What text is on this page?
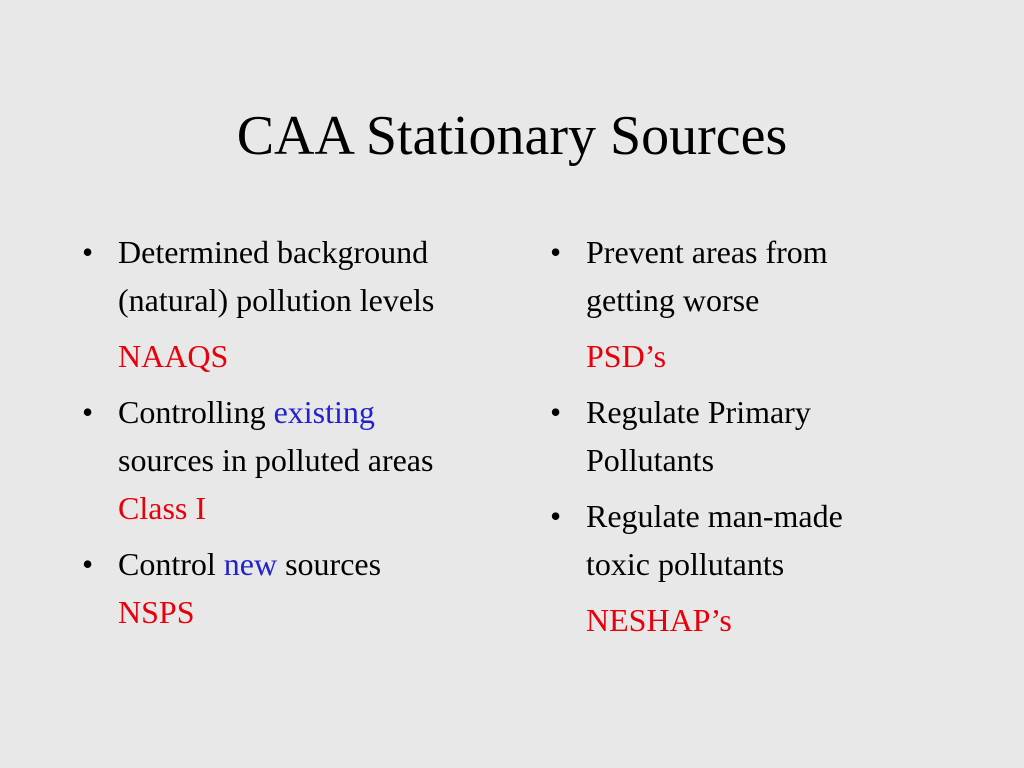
CAA Stationary Sources
• Determined background
(natural) pollution levels
NAAQS
• Controlling existing
sources in polluted areas
Class I
• Control new sources
NSPS
• Prevent areas from
getting worse
PSD’s
• Regulate Primary
Pollutants
• Regulate man-made
toxic pollutants
NESHAP’s
